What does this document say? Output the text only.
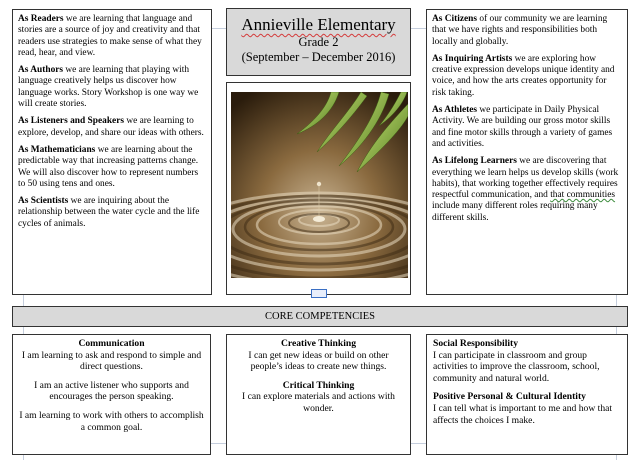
As Readers we are learning that language and stories are a source of joy and creativity and that readers use strategies to make sense of what they read, hear, and view.

As Authors we are learning that playing with language creatively helps us discover how language works. Story Workshop is one way we will create stories.

As Listeners and Speakers we are learning to explore, develop, and share our ideas with others.

As Mathematicians we are learning about the predictable way that increasing patterns change. We will also discover how to represent numbers to 50 using tens and ones.

As Scientists we are inquiring about the relationship between the water cycle and the life cycles of animals.

Annieville Elementary
Grade 2
(September – December 2016)

As Citizens of our community we are learning that we have rights and responsibilities both locally and globally.

As Inquiring Artists we are exploring how creative expression develops unique identity and voice, and how the arts creates opportunity for risk taking.

As Athletes we participate in Daily Physical Activity. We are building our gross motor skills and fine motor skills through a variety of games and activities.

As Lifelong Learners we are discovering that everything we learn helps us develop skills (work habits), that working together effectively requires respectful communication, and that communities include many different roles requiring many different skills.

CORE COMPETENCIES
Communication

I am learning to ask and respond to simple and direct questions.

I am an active listener who supports and encourages the person speaking.

I am learning to work with others to accomplish a common goal.

Creative Thinking

I can get new ideas or build on other people’s ideas to create new things.

Critical Thinking

I can explore materials and actions with wonder.

Social Responsibility

I can participate in classroom and group activities to improve the classroom, school, community and natural world.

Positive Personal & Cultural Identity

I can tell what is important to me and how that affects the choices I make.
